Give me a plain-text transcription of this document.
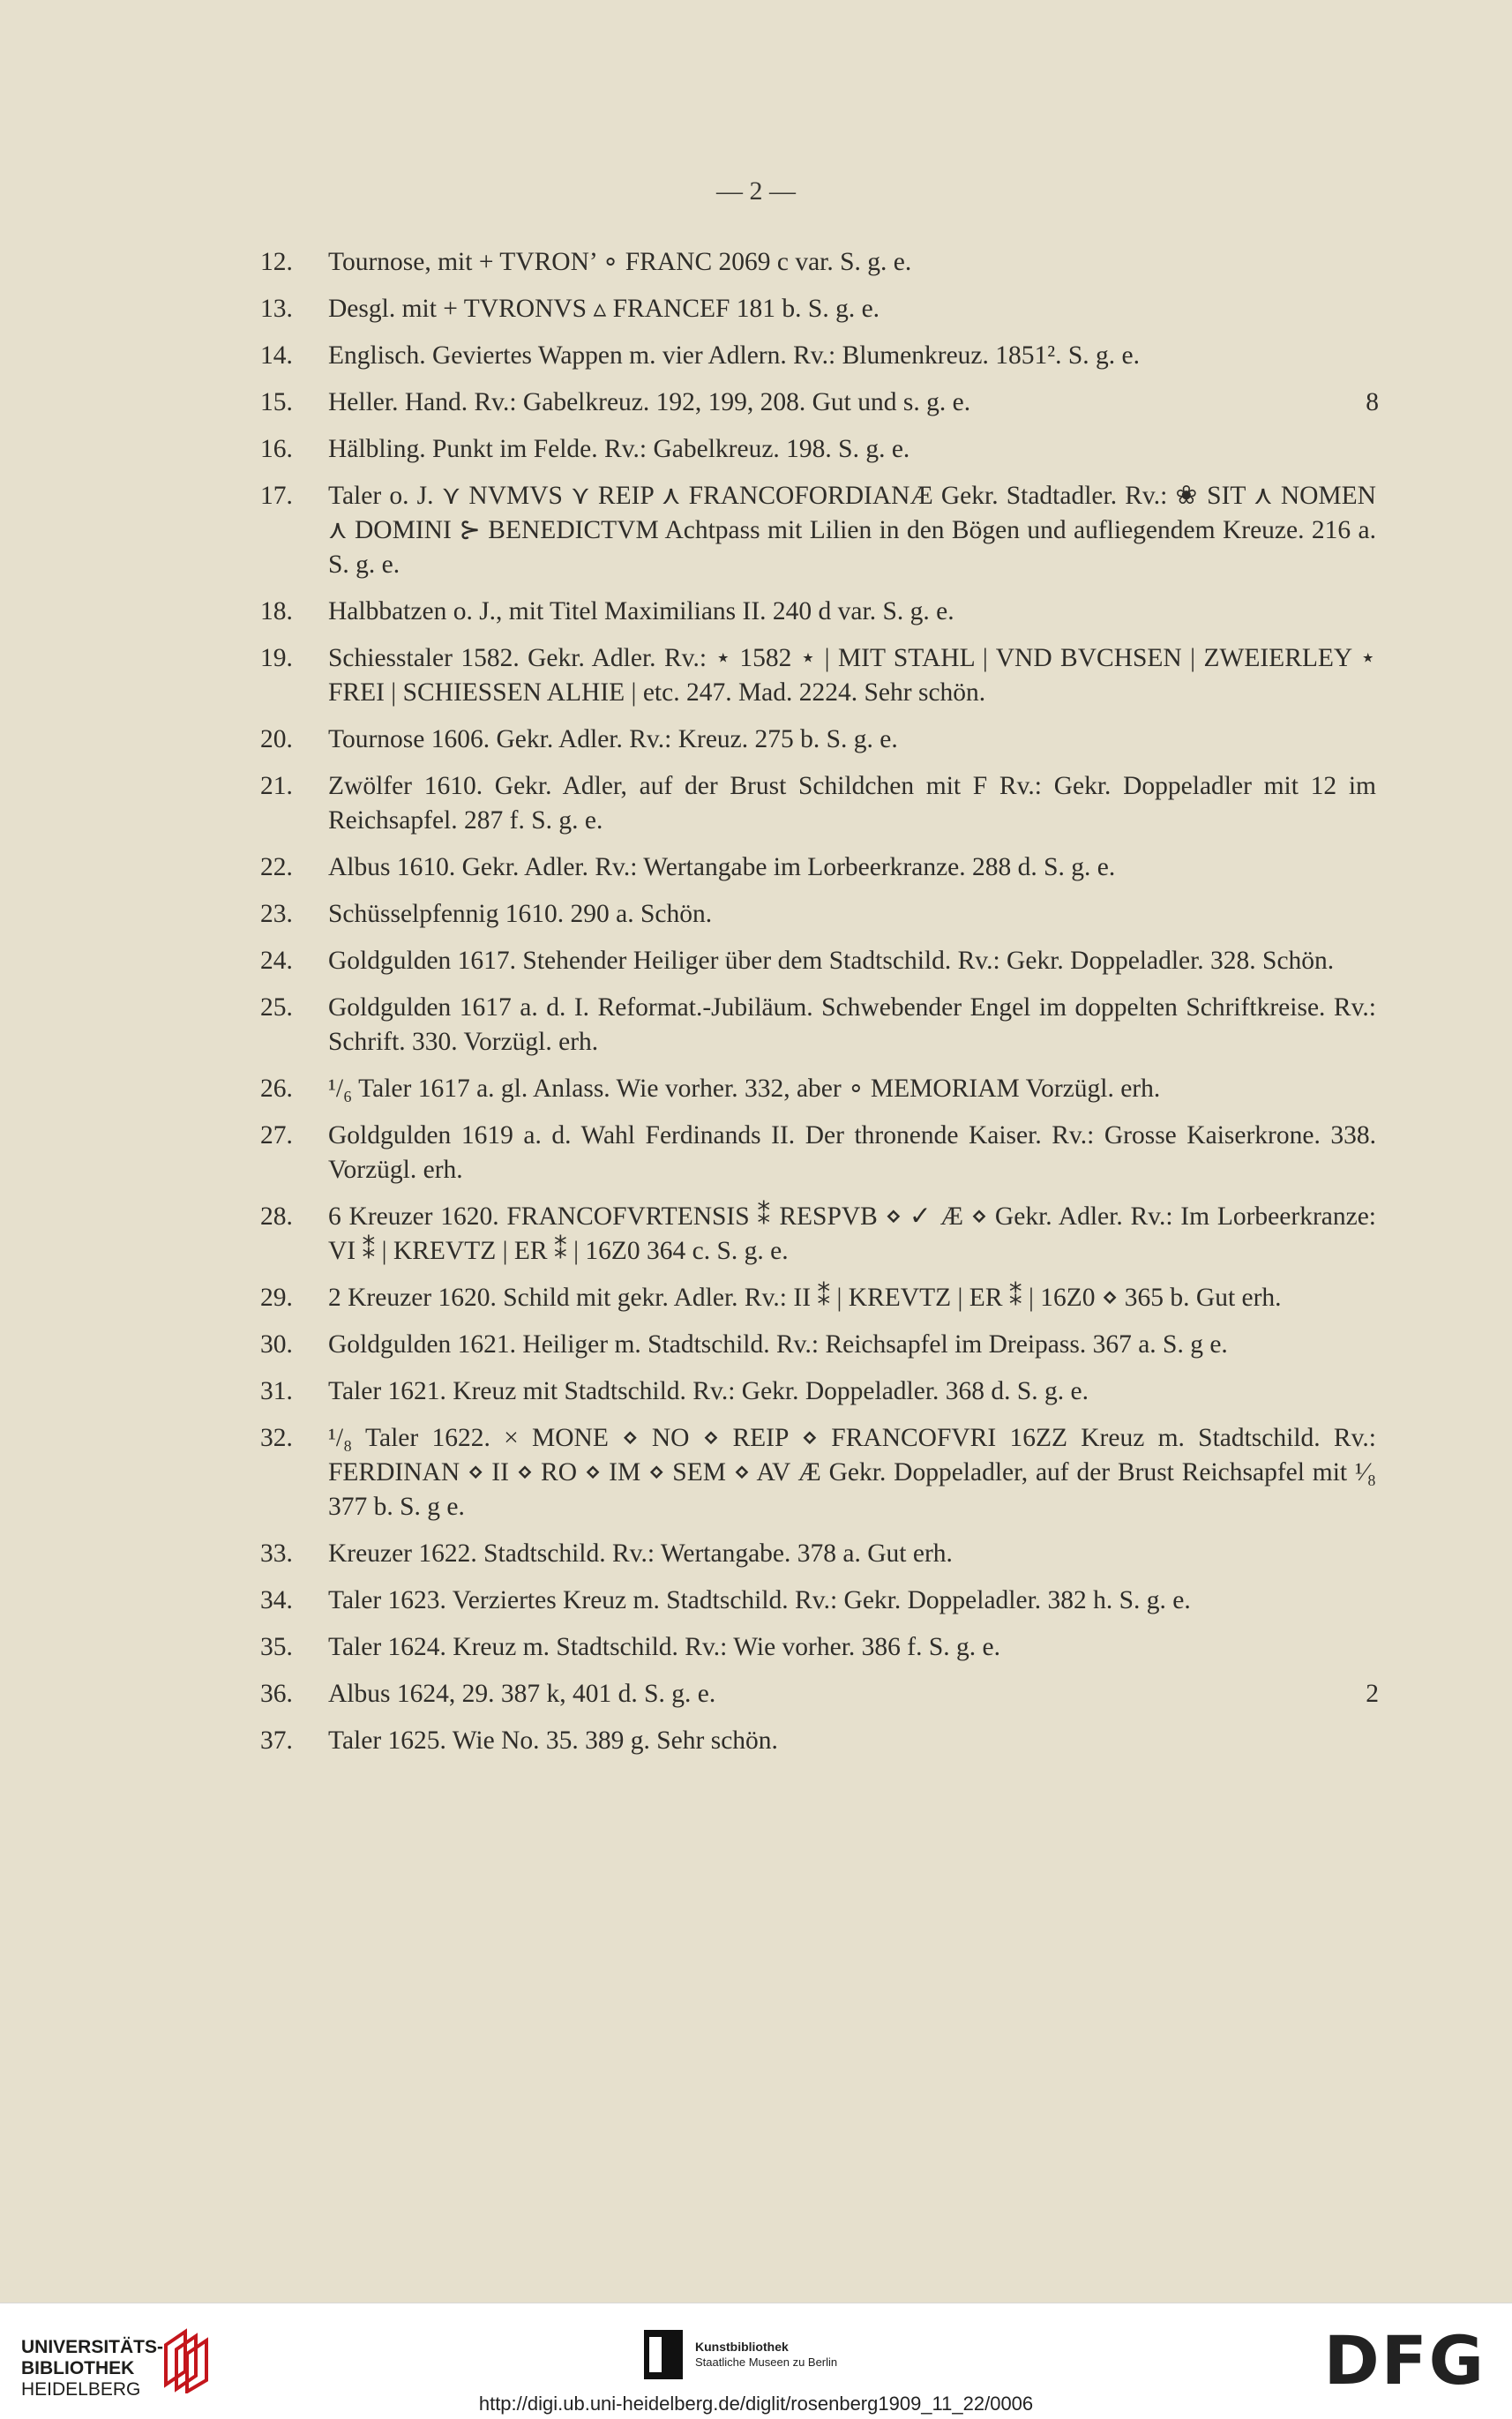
— 2 —
12. Tournose, mit + TVRON’ ∘ FRANC 2069 c var. S. g. e.
13. Desgl. mit + TVRONVS ▵ FRANCEF 181 b. S. g. e.
14. Englisch. Geviertes Wappen m. vier Adlern. Rv.: Blumenkreuz. 1851². S. g. e.
15. Heller. Hand. Rv.: Gabelkreuz. 192, 199, 208. Gut und s. g. e.	8
16. Hälbling. Punkt im Felde. Rv.: Gabelkreuz. 198. S. g. e.
17. Taler o. J. ⋎ NVMVS ⋎ REIP ⋏ FRANCOFORDIANÆ Gekr. Stadtadler. Rv.: ❀ SIT ⋏ NOMEN ⋏ DOMINI ⊱ BENEDICTVM Achtpass mit Lilien in den Bögen und aufliegendem Kreuze. 216 a. S. g. e.
18. Halbbatzen o. J., mit Titel Maximilians II. 240 d var. S. g. e.
19. Schiesstaler 1582. Gekr. Adler. Rv.: ⋆ 1582 ⋆ | MIT STAHL | VND BVCHSEN | ZWEIERLEY ⋆ FREI | SCHIESSEN ALHIE | etc. 247. Mad. 2224. Sehr schön.
20. Tournose 1606. Gekr. Adler. Rv.: Kreuz. 275 b. S. g. e.
21. Zwölfer 1610. Gekr. Adler, auf der Brust Schildchen mit F Rv.: Gekr. Doppeladler mit 12 im Reichsapfel. 287 f. S. g. e.
22. Albus 1610. Gekr. Adler. Rv.: Wertangabe im Lorbeerkranze. 288 d. S. g. e.
23. Schüsselpfennig 1610. 290 a. Schön.
24. Goldgulden 1617. Stehender Heiliger über dem Stadtschild. Rv.: Gekr. Doppeladler. 328. Schön.
25. Goldgulden 1617 a. d. I. Reformat.-Jubiläum. Schwebender Engel im doppelten Schriftkreise. Rv.: Schrift. 330. Vorzügl. erh.
26. ¹/₆ Taler 1617 a. gl. Anlass. Wie vorher. 332, aber ∘ MEMORIAM Vorzügl. erh.
27. Goldgulden 1619 a. d. Wahl Ferdinands II. Der thronende Kaiser. Rv.: Grosse Kaiserkrone. 338. Vorzügl. erh.
28. 6 Kreuzer 1620. FRANCOFVRTENSIS ⁑ RESPVB ⋄ ✓ Æ ⋄ Gekr. Adler. Rv.: Im Lorbeerkranze: VI ⁑ | KREVTZ | ER ⁑ | 16Z0 364 c. S. g. e.
29. 2 Kreuzer 1620. Schild mit gekr. Adler. Rv.: II ⁑ | KREVTZ | ER ⁑ | 16Z0 ⋄ 365 b. Gut erh.
30. Goldgulden 1621. Heiliger m. Stadtschild. Rv.: Reichsapfel im Dreipass. 367 a. S. g e.
31. Taler 1621. Kreuz mit Stadtschild. Rv.: Gekr. Doppeladler. 368 d. S. g. e.
32. ¹/₈ Taler 1622. × MONE ⋄ NO ⋄ REIP ⋄ FRANCOFVRI 16ZZ Kreuz m. Stadtschild. Rv.: FERDINAN ⋄ II ⋄ RO ⋄ IM ⋄ SEM ⋄ AV Æ Gekr. Doppeladler, auf der Brust Reichsapfel mit ¹⁄₈ 377 b. S. g e.
33. Kreuzer 1622. Stadtschild. Rv.: Wertangabe. 378 a. Gut erh.
34. Taler 1623. Verziertes Kreuz m. Stadtschild. Rv.: Gekr. Doppeladler. 382 h. S. g. e.
35. Taler 1624. Kreuz m. Stadtschild. Rv.: Wie vorher. 386 f. S. g. e.
36. Albus 1624, 29. 387 k, 401 d. S. g. e.	2
37. Taler 1625. Wie No. 35. 389 g. Sehr schön.
UNIVERSITÄTS-
BIBLIOTHEK
HEIDELBERG
Kunstbibliothek
Staatliche Museen zu Berlin	DFG
http://digi.ub.uni-heidelberg.de/diglit/rosenberg1909_11_22/0006
